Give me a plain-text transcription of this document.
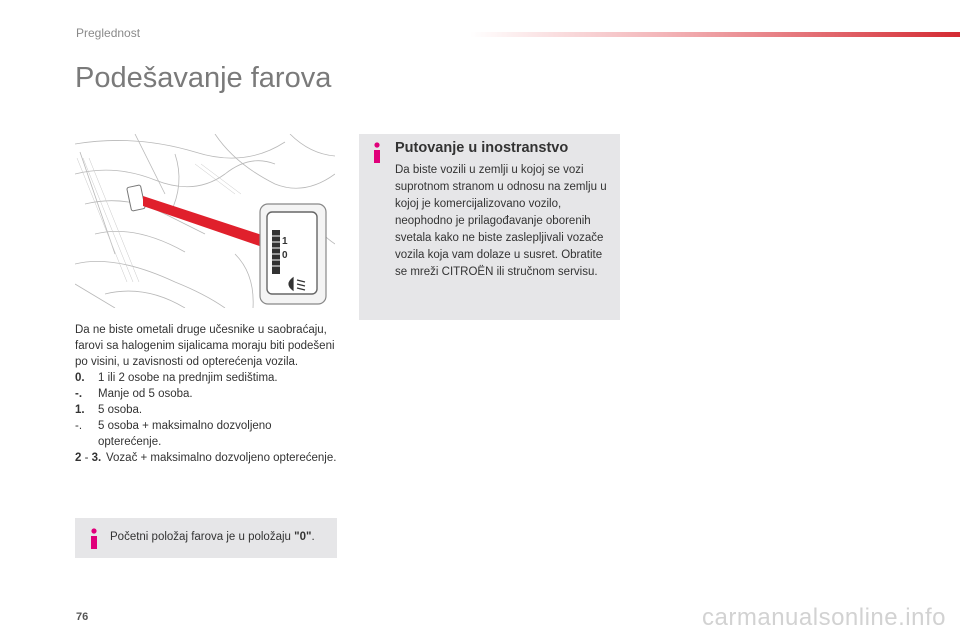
Preglednost
Podešavanje farova
1
0

Da ne biste ometali druge učesnike u saobraćaju, farovi sa halogenim sijalicama moraju biti podešeni po visini, u zavisnosti od opterećenja vozila.

0. 1 ili 2 osobe na prednjim sedištima.

-. Manje od 5 osoba.

1. 5 osoba.

-. 5 osoba + maksimalno dozvoljeno opterećenje.

2 - 3. Vozač + maksimalno dozvoljeno opterećenje.

Početni položaj farova je u položaju "0".
Putovanje u inostranstvo

Da biste vozili u zemlji u kojoj se vozi suprotnom stranom u odnosu na zemlju u kojoj je komercijalizovano vozilo, neophodno je prilagođavanje oborenih svetala kako ne biste zaslepljivali vozače vozila koja vam dolaze u susret. Obratite se mreži CITROËN ili stručnom servisu.

76	carmanualsonline.info
